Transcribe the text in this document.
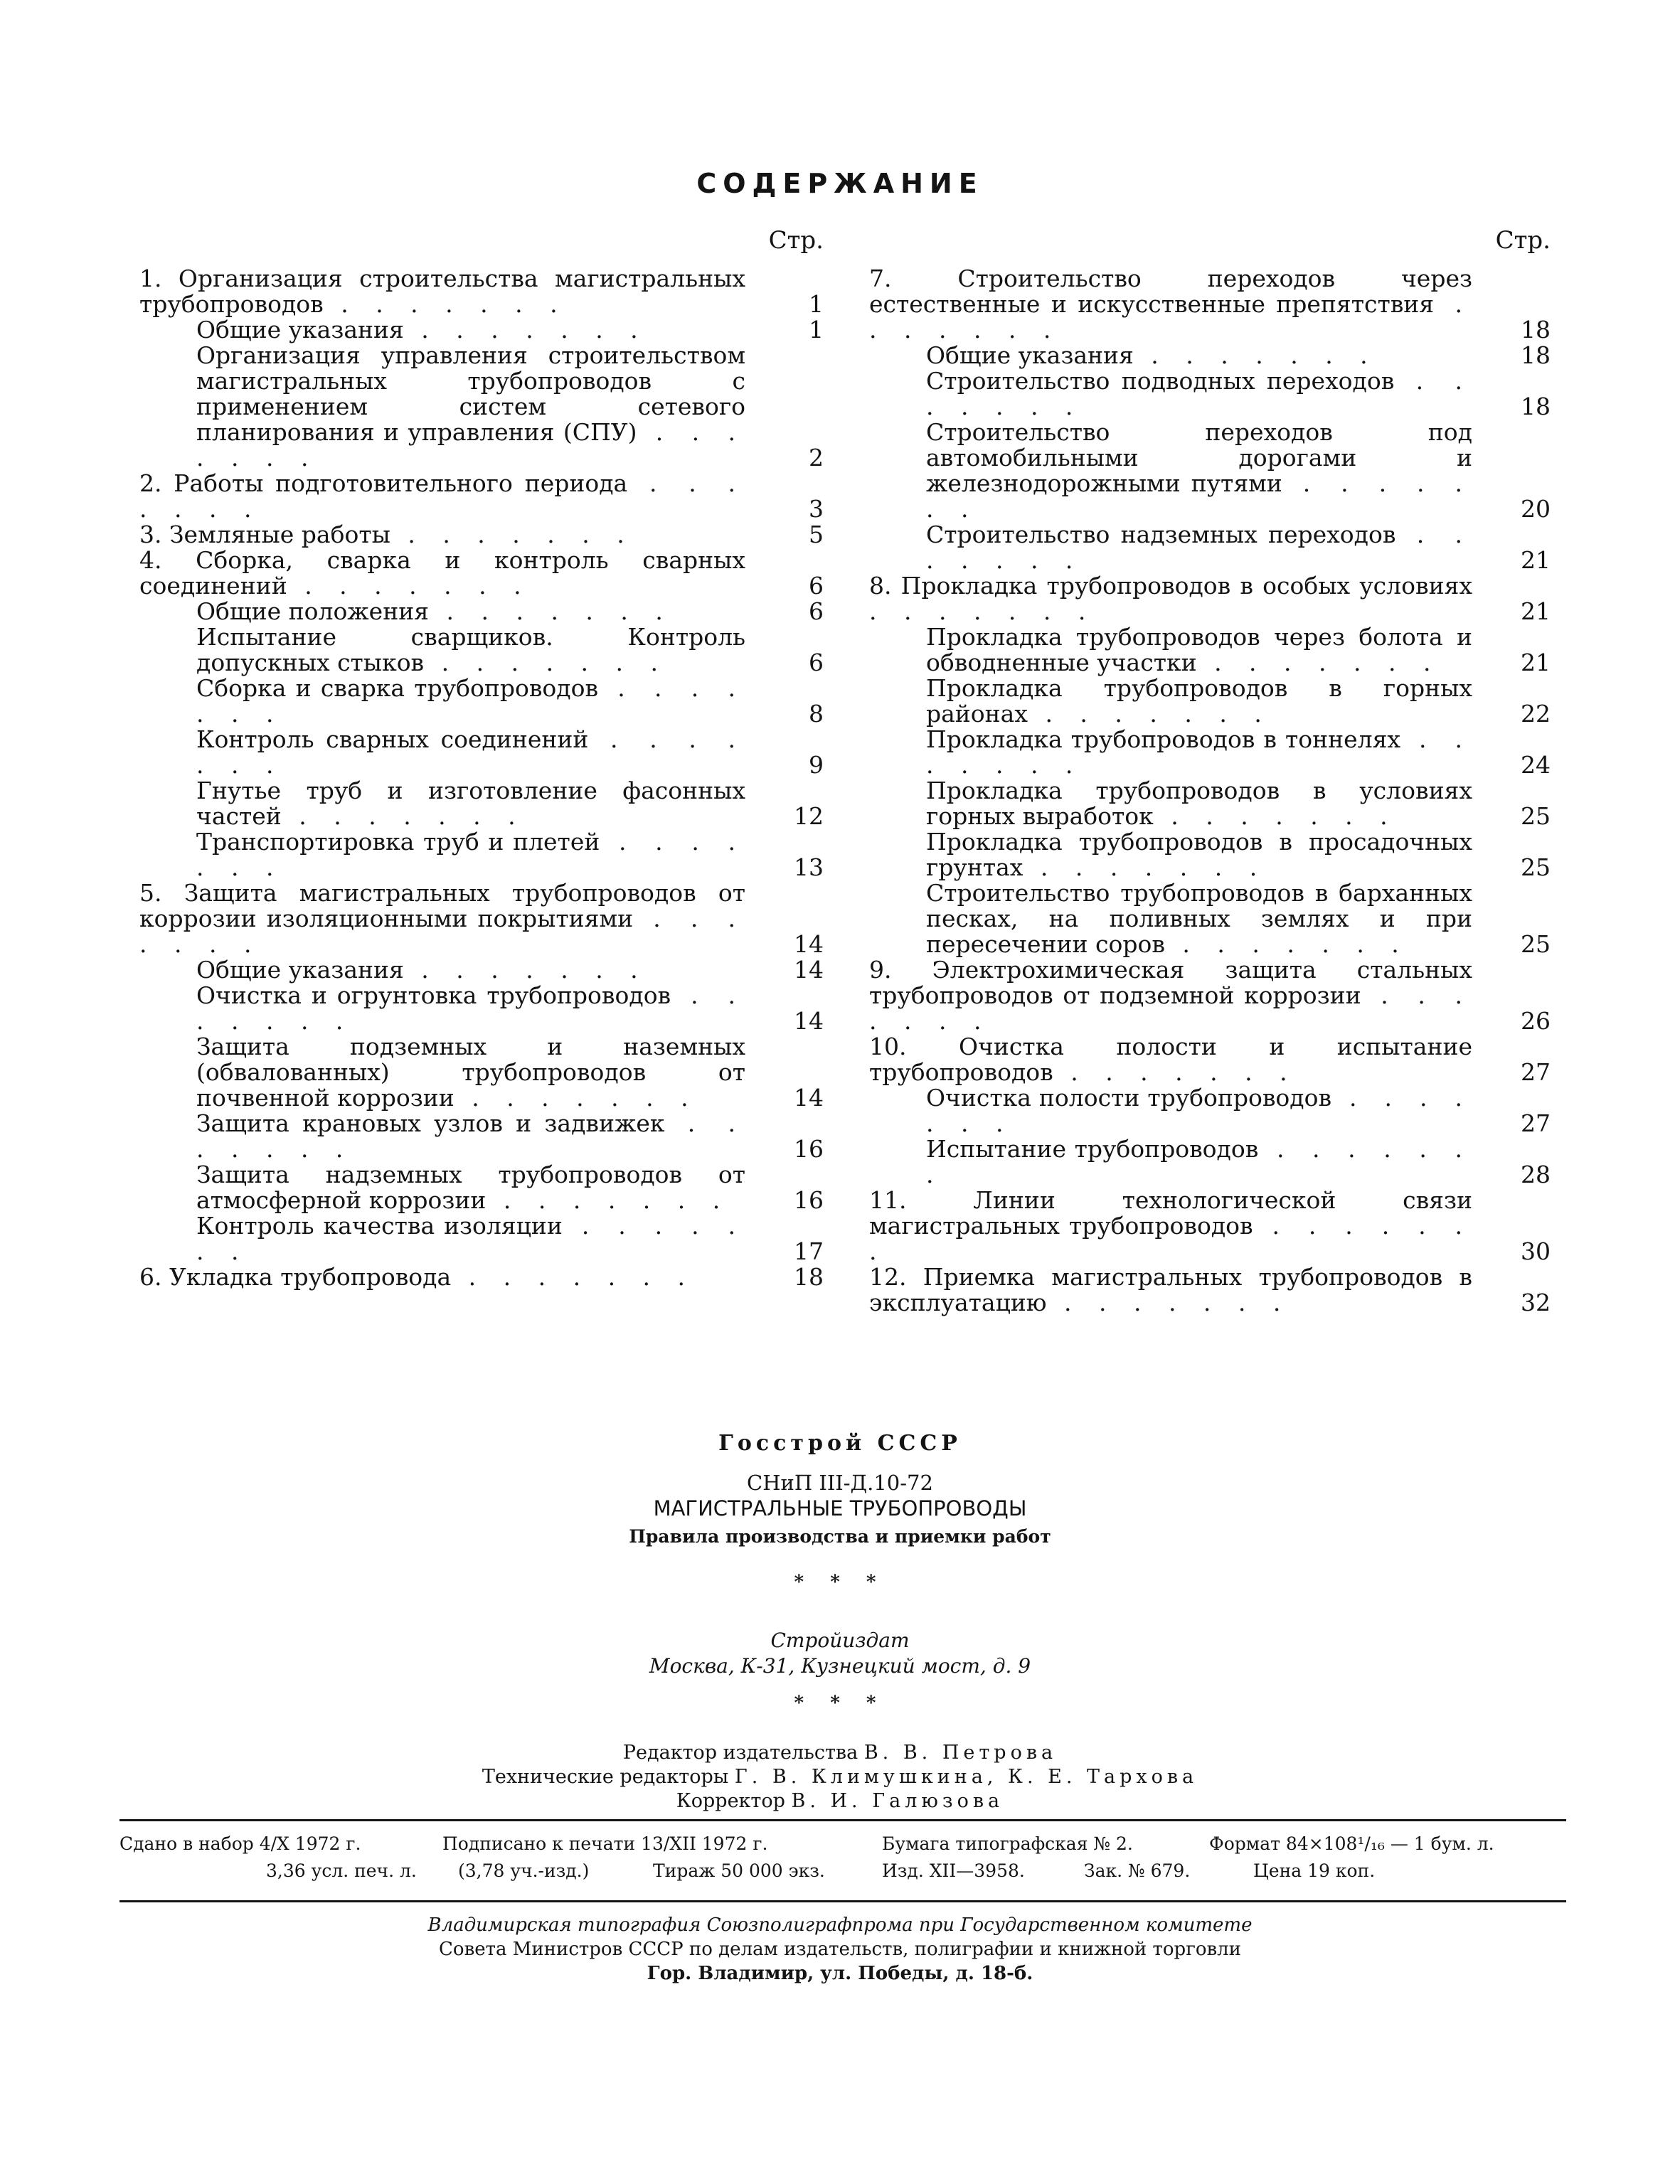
СОДЕРЖАНИЕ
Стр.
1. Организация строительства магистральных трубопроводов . . . . . . .	1
Общие указания . . . . . . .	1
Организация управления строительством магистральных трубопроводов с применением систем сетевого планирования и управления (СПУ) . . . . . . .	2
2. Работы подготовительного периода . . . . . . .	3
3. Земляные работы . . . . . . .	5
4. Сборка, сварка и контроль сварных соединений . . . . . . .	6
Общие положения . . . . . . .	6
Испытание сварщиков. Контроль допускных стыков . . . . . . .	6
Сборка и сварка трубопроводов . . . . . . .	8
Контроль сварных соединений . . . . . . .	9
Гнутье труб и изготовление фасонных частей . . . . . . .	12
Транспортировка труб и плетей . . . . . . .	13
5. Защита магистральных трубопроводов от коррозии изоляционными покрытиями . . . . . . .	14
Общие указания . . . . . . .	14
Очистка и огрунтовка трубопроводов . . . . . . .	14
Защита подземных и наземных (обвалованных) трубопроводов от почвенной коррозии . . . . . . .	14
Защита крановых узлов и задвижек . . . . . . .	16
Защита надземных трубопроводов от атмосферной коррозии . . . . . . .	16
Контроль качества изоляции . . . . . . .	17
6. Укладка трубопровода . . . . . . .	18
Стр.
7. Строительство переходов через естественные и искусственные препятствия . . . . . . .	18
Общие указания . . . . . . .	18
Строительство подводных переходов . . . . . . .	18
Строительство переходов под автомобильными дорогами и железнодорожными путями . . . . . . .	20
Строительство надземных переходов . . . . . . .	21
8. Прокладка трубопроводов в особых условиях . . . . . . .	21
Прокладка трубопроводов через болота и обводненные участки . . . . . . .	21
Прокладка трубопроводов в горных районах . . . . . . .	22
Прокладка трубопроводов в тоннелях . . . . . . .	24
Прокладка трубопроводов в условиях горных выработок . . . . . . .	25
Прокладка трубопроводов в просадочных грунтах . . . . . . .	25
Строительство трубопроводов в барханных песках, на поливных землях и при пересечении соров . . . . . . .	25
9. Электрохимическая защита стальных трубопроводов от подземной коррозии . . . . . . .	26
10. Очистка полости и испытание трубопроводов . . . . . . .	27
Очистка полости трубопроводов . . . . . . .	27
Испытание трубопроводов . . . . . . .	28
11. Линии технологической связи магистральных трубопроводов . . . . . . .	30
12. Приемка магистральных трубопроводов в эксплуатацию . . . . . . .	32
Госстрой СССР
СНиП III-Д.10-72
МАГИСТРАЛЬНЫЕ ТРУБОПРОВОДЫ
Правила производства и приемки работ
* * *
Стройиздат
Москва, К-31, Кузнецкий мост, д. 9
* * *
Редактор издательства В. В. Петрова
Технические редакторы Г. В. Климушкина, К. Е. Тархова
Корректор В. И. Галюзова
Сдано в набор 4/X 1972 г.	Подписано к печати 13/XII 1972 г.	Бумага типографская № 2.	Формат 84×108¹/₁₆ — 1 бум. л.
3,36 усл. печ. л. (3,78 уч.-изд.)	Тираж 50 000 экз.	Изд. XII—3958.	Зак. № 679.	Цена 19 коп.
Владимирская типография Союзполиграфпрома при Государственном комитете
Совета Министров СССР по делам издательств, полиграфии и книжной торговли
Гор. Владимир, ул. Победы, д. 18-б.
